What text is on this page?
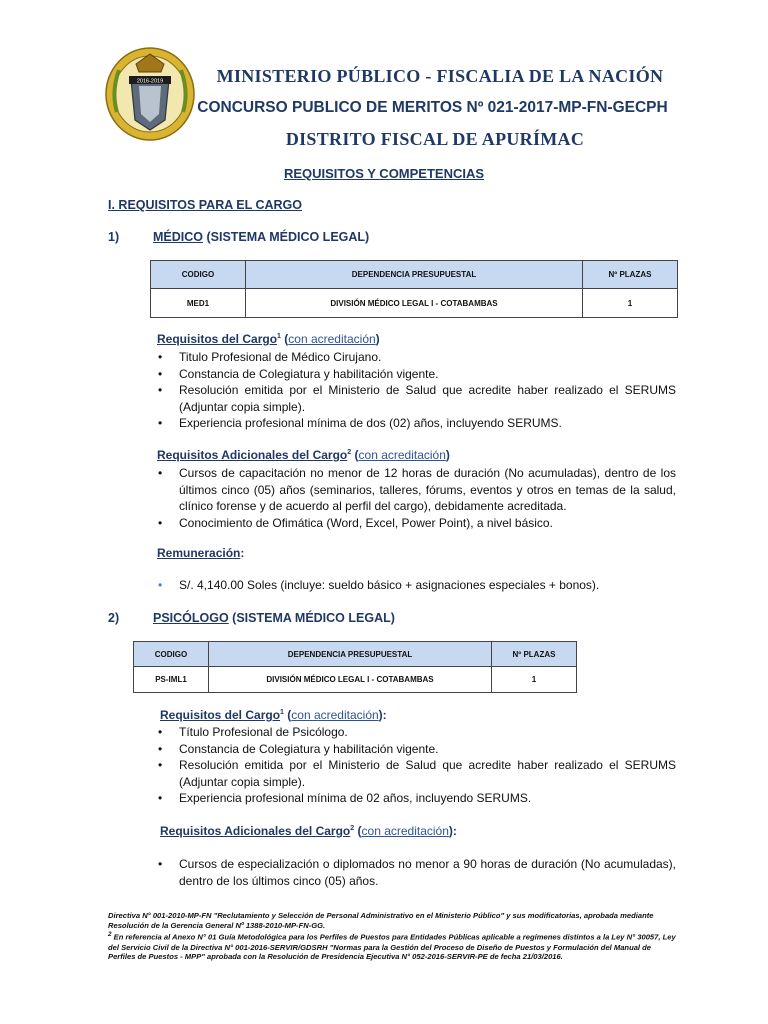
2016-2019	MINISTERIO PÚBLICO - FISCALIA DE LA NACIÓN
CONCURSO PUBLICO DE MERITOS Nº 021-2017-MP-FN-GECPH
DISTRITO FISCAL DE APURÍMAC
REQUISITOS Y COMPETENCIAS
I. REQUISITOS PARA EL CARGO
1)	MÉDICO (SISTEMA MÉDICO LEGAL)
CODIGO	DEPENDENCIA PRESUPUESTAL	Nº PLAZAS
MED1	DIVISIÓN MÉDICO LEGAL I - COTABAMBAS	1
Requisitos del Cargo$^1$ (con acreditación)
• Titulo Profesional de Médico Cirujano.
• Constancia de Colegiatura y habilitación vigente.
• Resolución emitida por el Ministerio de Salud que acredite haber realizado el SERUMS (Adjuntar copia simple).
• Experiencia profesional mínima de dos (02) años, incluyendo SERUMS.
Requisitos Adicionales del Cargo$^2$ (con acreditación)
• Cursos de capacitación no menor de 12 horas de duración (No acumuladas), dentro de los últimos cinco (05) años (seminarios, talleres, fórums, eventos y otros en temas de la salud, clínico forense y de acuerdo al perfil del cargo), debidamente acreditada.
• Conocimiento de Ofimática (Word, Excel, Power Point), a nivel básico.
Remuneración:
• S/. 4,140.00 Soles (incluye: sueldo básico + asignaciones especiales + bonos).
2)	PSICÓLOGO (SISTEMA MÉDICO LEGAL)
CODIGO	DEPENDENCIA PRESUPUESTAL	Nº PLAZAS
PS-IML1	DIVISIÓN MÉDICO LEGAL I - COTABAMBAS	1
Requisitos del Cargo$^1$ (con acreditación):
• Título Profesional de Psicólogo.
• Constancia de Colegiatura y habilitación vigente.
• Resolución emitida por el Ministerio de Salud que acredite haber realizado el SERUMS (Adjuntar copia simple).
• Experiencia profesional mínima de 02 años, incluyendo SERUMS.
Requisitos Adicionales del Cargo$^2$ (con acreditación):
• Cursos de especialización o diplomados no menor a 90 horas de duración (No acumuladas), dentro de los últimos cinco (05) años.

Directiva N° 001-2010-MP-FN "Reclutamiento y Selección de Personal Administrativo en el Ministerio Público" y sus modificatorias, aprobada mediante Resolución de la Gerencia General Nº 1388-2010-MP-FN-GG.

$^2$ En referencia al Anexo N° 01 Guía Metodológica para los Perfiles de Puestos para Entidades Públicas aplicable a regímenes distintos a la Ley N° 30057, Ley del Servicio Civil de la Directiva N° 001-2016-SERVIR/GDSRH "Normas para la Gestión del Proceso de Diseño de Puestos y Formulación del Manual de Perfiles de Puestos - MPP" aprobada con la Resolución de Presidencia Ejecutiva N° 052-2016-SERVIR-PE de fecha 21/03/2016.
